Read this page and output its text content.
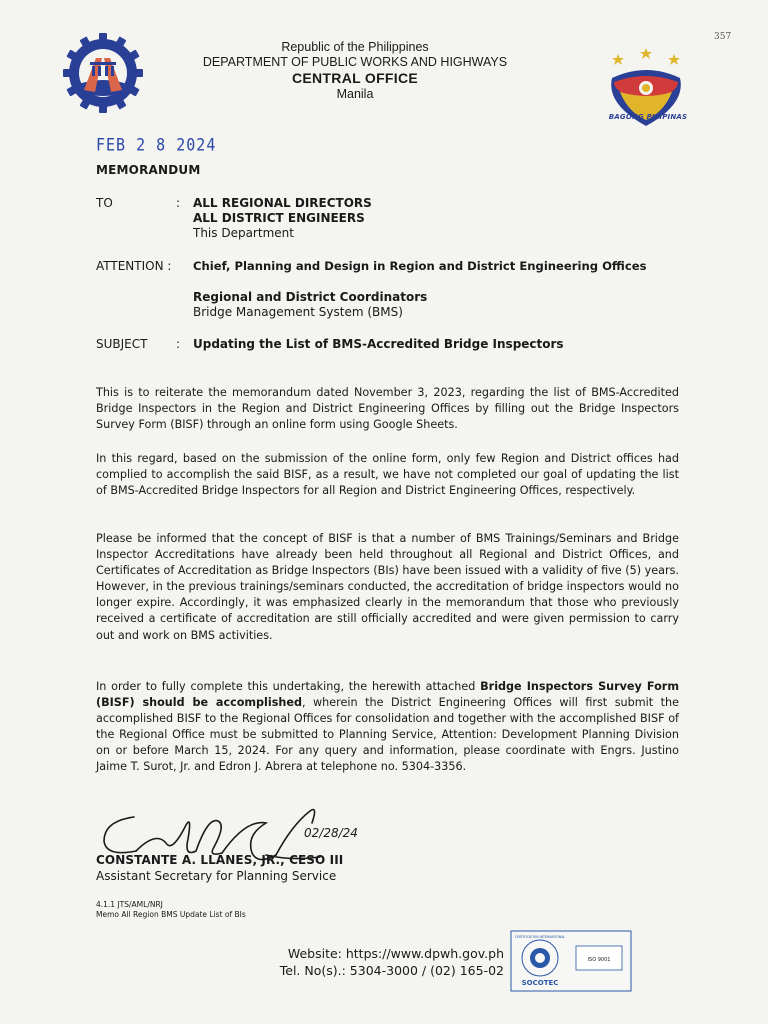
357
Republic of the Philippines
DEPARTMENT OF PUBLIC WORKS AND HIGHWAYS
CENTRAL OFFICE
Manila
BAGONG PILIPINAS
FEB 2 8 2024
MEMORANDUM
TO	: ALL REGIONAL DIRECTORS
ALL DISTRICT ENGINEERS
This Department
ATTENTION : Chief, Planning and Design in Region and District Engineering Offices
Regional and District Coordinators
Bridge Management System (BMS)
SUBJECT : Updating the List of BMS-Accredited Bridge Inspectors
This is to reiterate the memorandum dated November 3, 2023, regarding the list of BMS-Accredited Bridge Inspectors in the Region and District Engineering Offices by filling out the Bridge Inspectors Survey Form (BISF) through an online form using Google Sheets.
In this regard, based on the submission of the online form, only few Region and District offices had complied to accomplish the said BISF, as a result, we have not completed our goal of updating the list of BMS-Accredited Bridge Inspectors for all Region and District Engineering Offices, respectively.
Please be informed that the concept of BISF is that a number of BMS Trainings/Seminars and Bridge Inspector Accreditations have already been held throughout all Regional and District Offices, and Certificates of Accreditation as Bridge Inspectors (BIs) have been issued with a validity of five (5) years. However, in the previous trainings/seminars conducted, the accreditation of bridge inspectors would no longer expire. Accordingly, it was emphasized clearly in the memorandum that those who previously received a certificate of accreditation are still officially accredited and were given permission to carry out and work on BMS activities.
In order to fully complete this undertaking, the herewith attached Bridge Inspectors Survey Form (BISF) should be accomplished, wherein the District Engineering Offices will first submit the accomplished BISF to the Regional Offices for consolidation and together with the accomplished BISF of the Regional Office must be submitted to Planning Service, Attention: Development Planning Division on or before March 15, 2024. For any query and information, please coordinate with Engrs. Justino Jaime T. Surot, Jr. and Edron J. Abrera at telephone no. 5304-3356.
02/28/24
CONSTANTE A. LLANES, JR., CESO III
Assistant Secretary for Planning Service
4.1.1 JTS/AML/NRJ
Memo All Region BMS Update List of BIs
Website: https://www.dpwh.gov.ph
Tel. No(s).: 5304-3000 / (02) 165-02
ISO 9001
SOCOTEC
CERTIFICATION INTERNATIONAL
